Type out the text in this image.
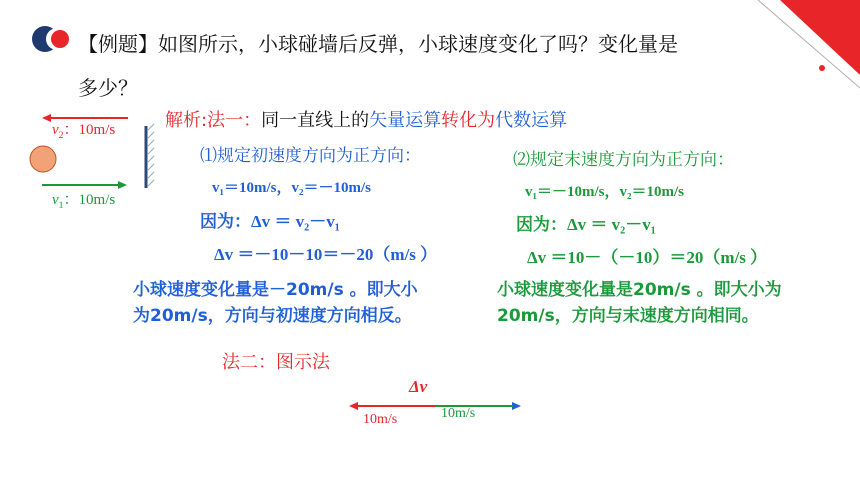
【例题】如图所示，小球碰墙后反弹，小球速度变化了吗？变化量是
多少？
$v_2$：10m/s
$v_1$：10m/s
解析:法一：同一直线上的矢量运算转化为代数运算
⑴规定初速度方向为正方向：
v₁＝10m/s，v₂＝－10m/s
因为：Δv ＝ v₂－v₁
Δv ＝－10－10＝－20（m/s ）
小球速度变化量是－20m/s 。即大小
为20m/s，方向与初速度方向相反。
⑵规定末速度方向为正方向：
v₁＝－10m/s，v₂＝10m/s
因为：Δv ＝ v₂－v₁
Δv ＝10－（－10）＝20（m/s ）
小球速度变化量是20m/s 。即大小为
20m/s，方向与末速度方向相同。
法二：图示法
Δv
10m/s	10m/s
